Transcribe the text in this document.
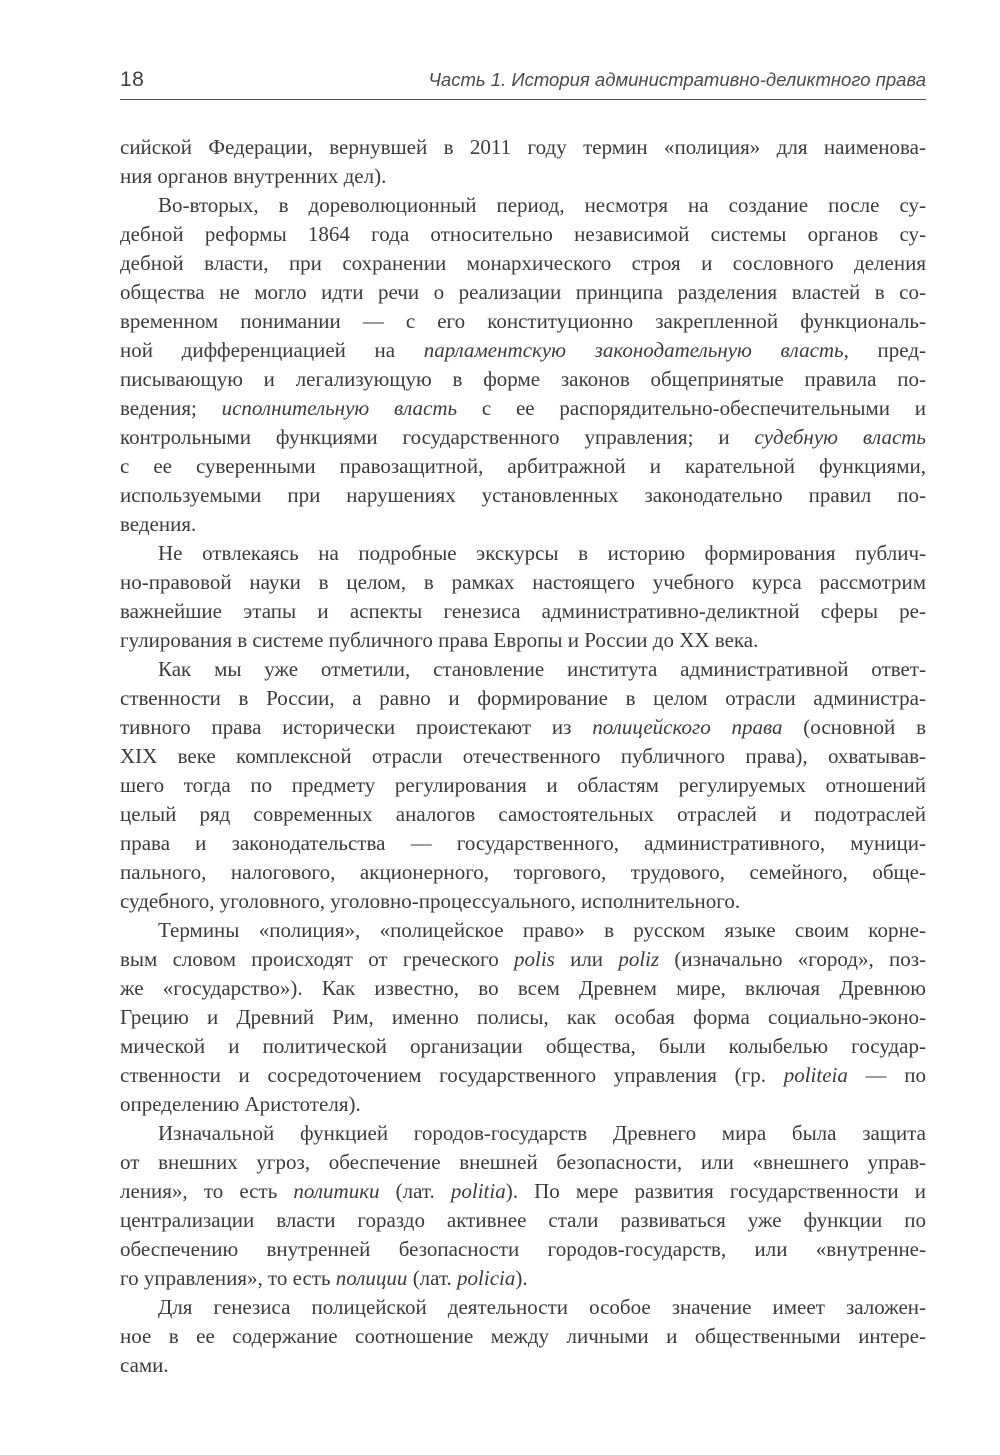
18	Часть 1. История административно-деликтного права
сийской Федерации, вернувшей в 2011 году термин «полиция» для наименова-
ния органов внутренних дел).
Во-вторых, в дореволюционный период, несмотря на создание после су-
дебной реформы 1864 года относительно независимой системы органов су-
дебной власти, при сохранении монархического строя и сословного деления
общества не могло идти речи о реализации принципа разделения властей в со-
временном понимании — с его конституционно закрепленной функциональ-
ной дифференциацией на парламентскую законодательную власть, пред-
писывающую и легализующую в форме законов общепринятые правила по-
ведения; исполнительную власть с ее распорядительно-обеспечительными и
контрольными функциями государственного управления; и судебную власть
с ее суверенными правозащитной, арбитражной и карательной функциями,
используемыми при нарушениях установленных законодательно правил по-
ведения.
Не отвлекаясь на подробные экскурсы в историю формирования публич-
но-правовой науки в целом, в рамках настоящего учебного курса рассмотрим
важнейшие этапы и аспекты генезиса административно-деликтной сферы ре-
гулирования в системе публичного права Европы и России до XX века.
Как мы уже отметили, становление института административной ответ-
ственности в России, а равно и формирование в целом отрасли администра-
тивного права исторически проистекают из полицейского права (основной в
XIX веке комплексной отрасли отечественного публичного права), охватывав-
шего тогда по предмету регулирования и областям регулируемых отношений
целый ряд современных аналогов самостоятельных отраслей и подотраслей
права и законодательства — государственного, административного, муници-
пального, налогового, акционерного, торгового, трудового, семейного, обще-
судебного, уголовного, уголовно-процессуального, исполнительного.
Термины «полиция», «полицейское право» в русском языке своим корне-
вым словом происходят от греческого polis или poliz (изначально «город», поз-
же «государство»). Как известно, во всем Древнем мире, включая Древнюю
Грецию и Древний Рим, именно полисы, как особая форма социально-эконо-
мической и политической организации общества, были колыбелью государ-
ственности и сосредоточением государственного управления (гр. politeia — по
определению Аристотеля).
Изначальной функцией городов-государств Древнего мира была защита
от внешних угроз, обеспечение внешней безопасности, или «внешнего управ-
ления», то есть политики (лат. politia). По мере развития государственности и
централизации власти гораздо активнее стали развиваться уже функции по
обеспечению внутренней безопасности городов-государств, или «внутренне-
го управления», то есть полиции (лат. policia).
Для генезиса полицейской деятельности особое значение имеет заложен-
ное в ее содержание соотношение между личными и общественными интере-
сами.
